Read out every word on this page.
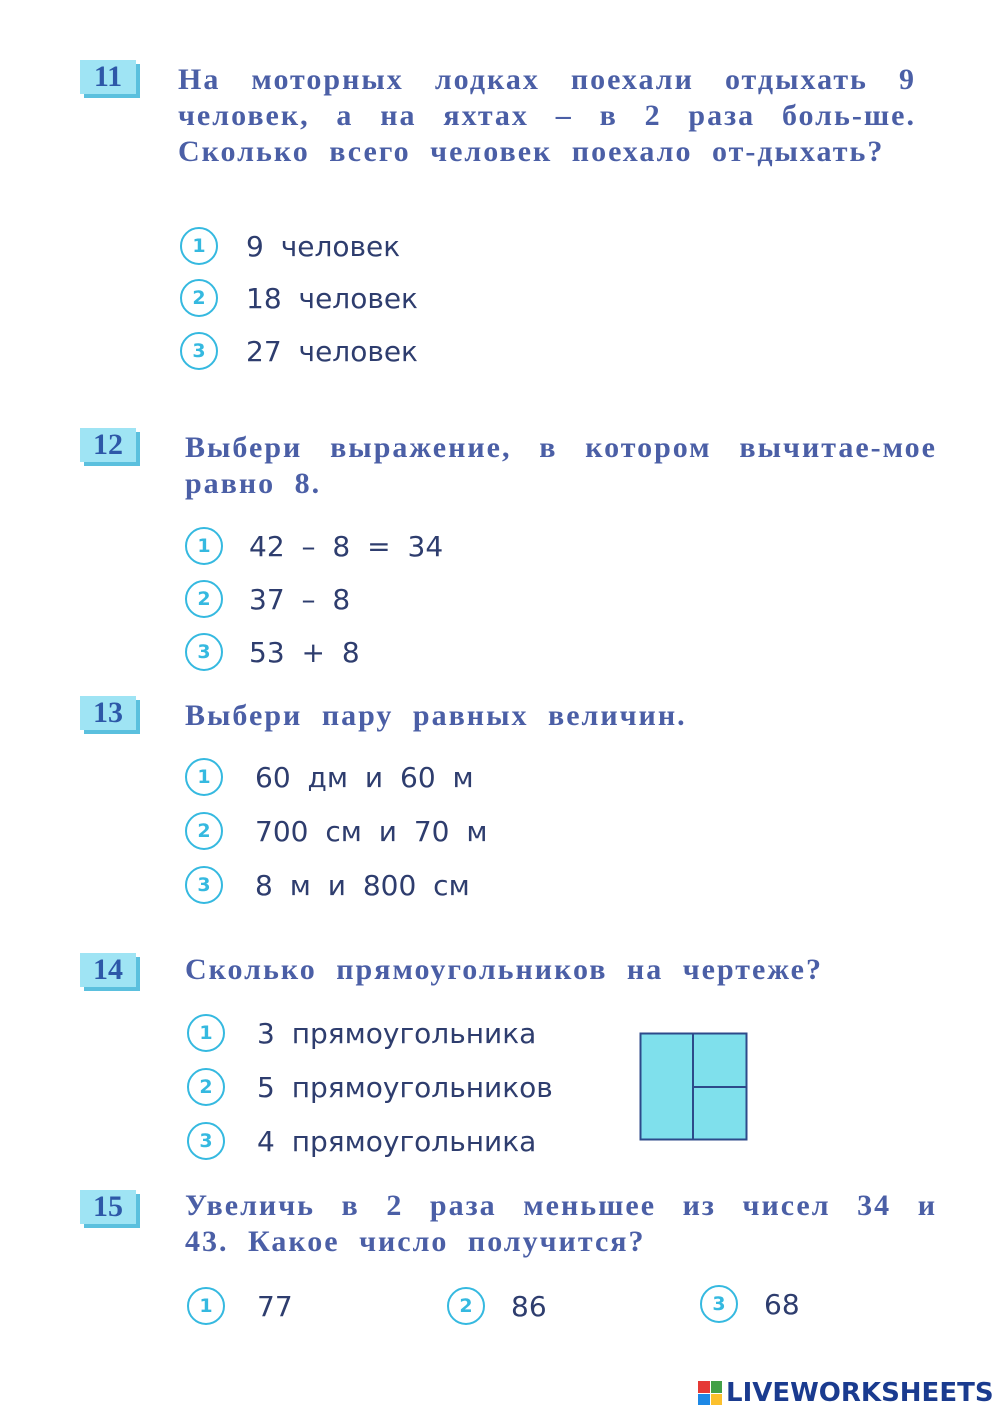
11	На моторных лодках поехали отдыхать 9 человек, а на яхтах – в 2 раза боль-ше. Сколько всего человек поехало от-дыхать?
1	9 человек
2	18 человек
3	27 человек
12	Выбери выражение, в котором вычитае-мое равно 8.
1	42 – 8 = 34
2	37 – 8
3	53 + 8
13	Выбери пару равных величин.
1	60 дм и 60 м
2	700 см и 70 м
3	8 м и 800 см
14	Сколько прямоугольников на чертеже?
1	3 прямоугольника
2	5 прямоугольников
3	4 прямоугольника
15	Увеличь в 2 раза меньшее из чисел 34 и 43. Какое число получится?
1	77	2	86	3	68
LIVEWORKSHEETS
